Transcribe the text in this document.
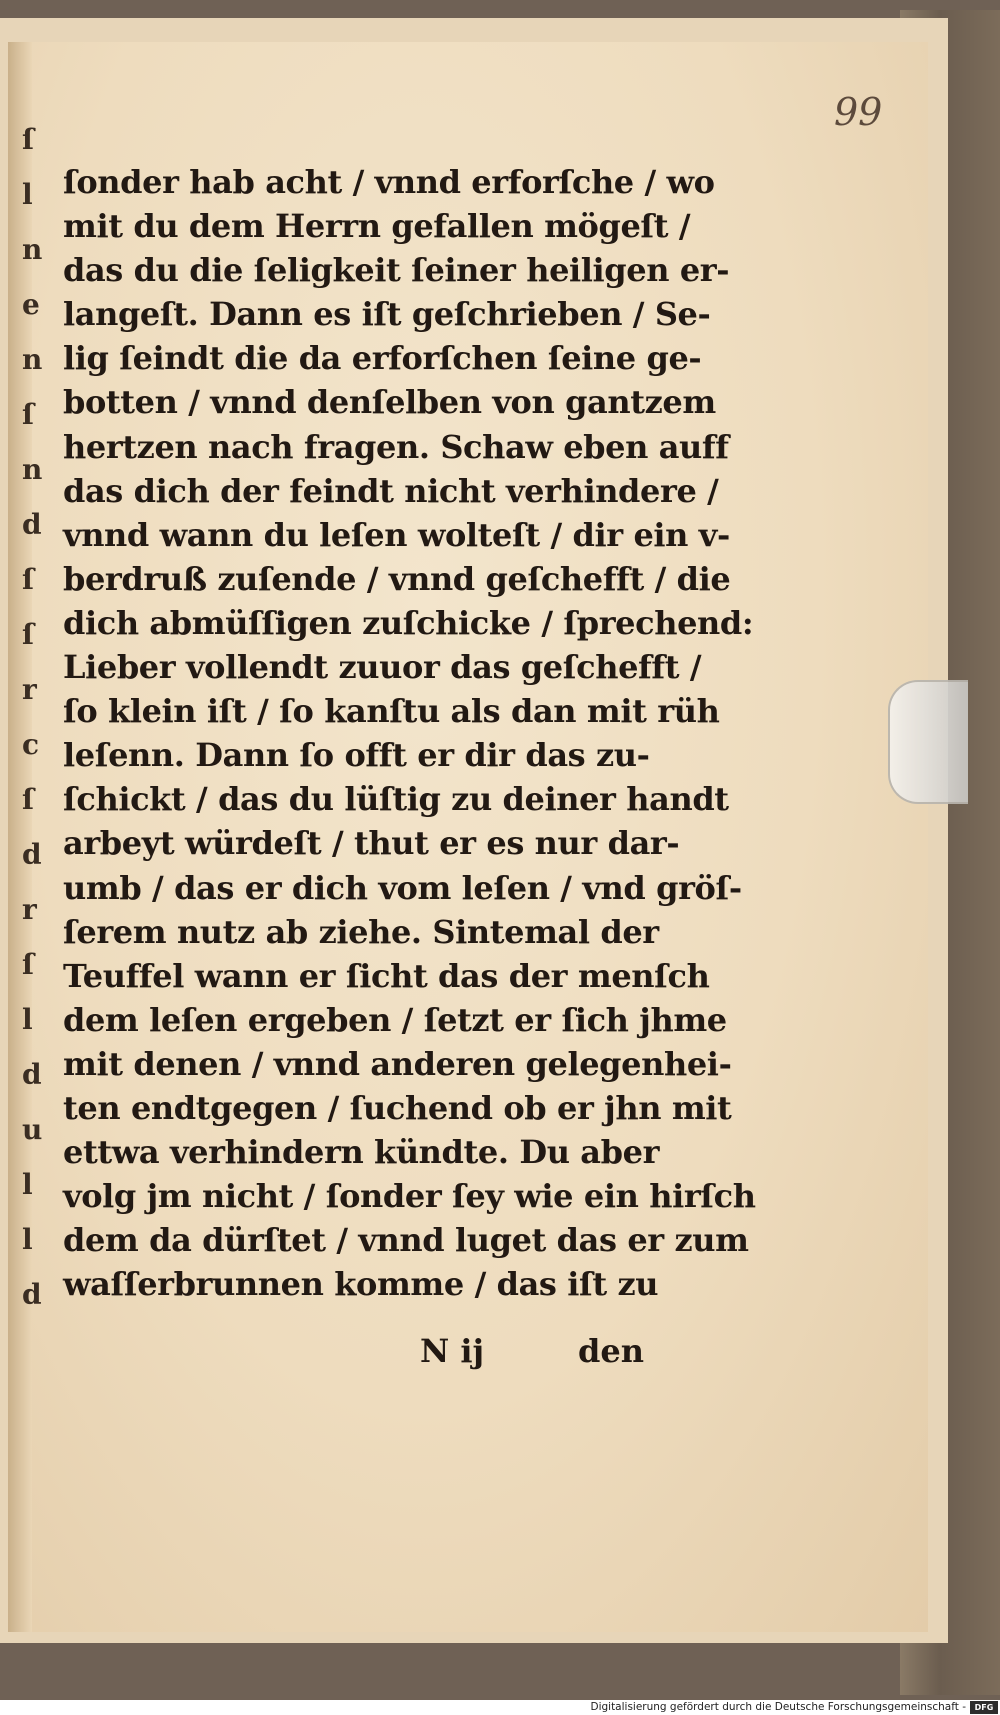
ſ
l
n
e
n
ſ
n
d
ſ
ſ
r
c
ſ
d
r
ſ
l
d
u
l
l
d
99
ſonder hab acht / vnnd erforſche / wo
mit du dem Herrn gefallen mögeſt /
das du die ſeligkeit ſeiner heiligen er-
langeſt. Dann es iſt geſchrieben / Se-
lig ſeindt die da erforſchen ſeine ge-
botten / vnnd denſelben von gantzem
hertzen nach fragen. Schaw eben auff
das dich der feindt nicht verhindere /
vnnd wann du leſen wolteſt / dir ein v-
berdruß zuſende / vnnd geſchefft / die
dich abmüſſigen zuſchicke / ſprechend:
Lieber vollendt zuuor das geſchefft /
ſo klein iſt / ſo kanſtu als dan mit rüh
leſenn. Dann ſo offt er dir das zu-
ſchickt / das du lüſtig zu deiner handt
arbeyt würdeſt / thut er es nur dar-
umb / das er dich vom leſen / vnd gröſ-
ſerem nutz ab ziehe. Sintemal der
Teuffel wann er ſicht das der menſch
dem leſen ergeben / ſetzt er ſich jhme
mit denen / vnnd anderen gelegenhei-
ten endtgegen / ſuchend ob er jhn mit
ettwa verhindern kündte. Du aber
volg jm nicht / ſonder ſey wie ein hirſch
dem da dürſtet / vnnd luget das er zum
waſſerbrunnen komme / das iſt zu
N ij	den
Digitalisierung gefördert durch die Deutsche Forschungsgemeinschaft -	DFG
